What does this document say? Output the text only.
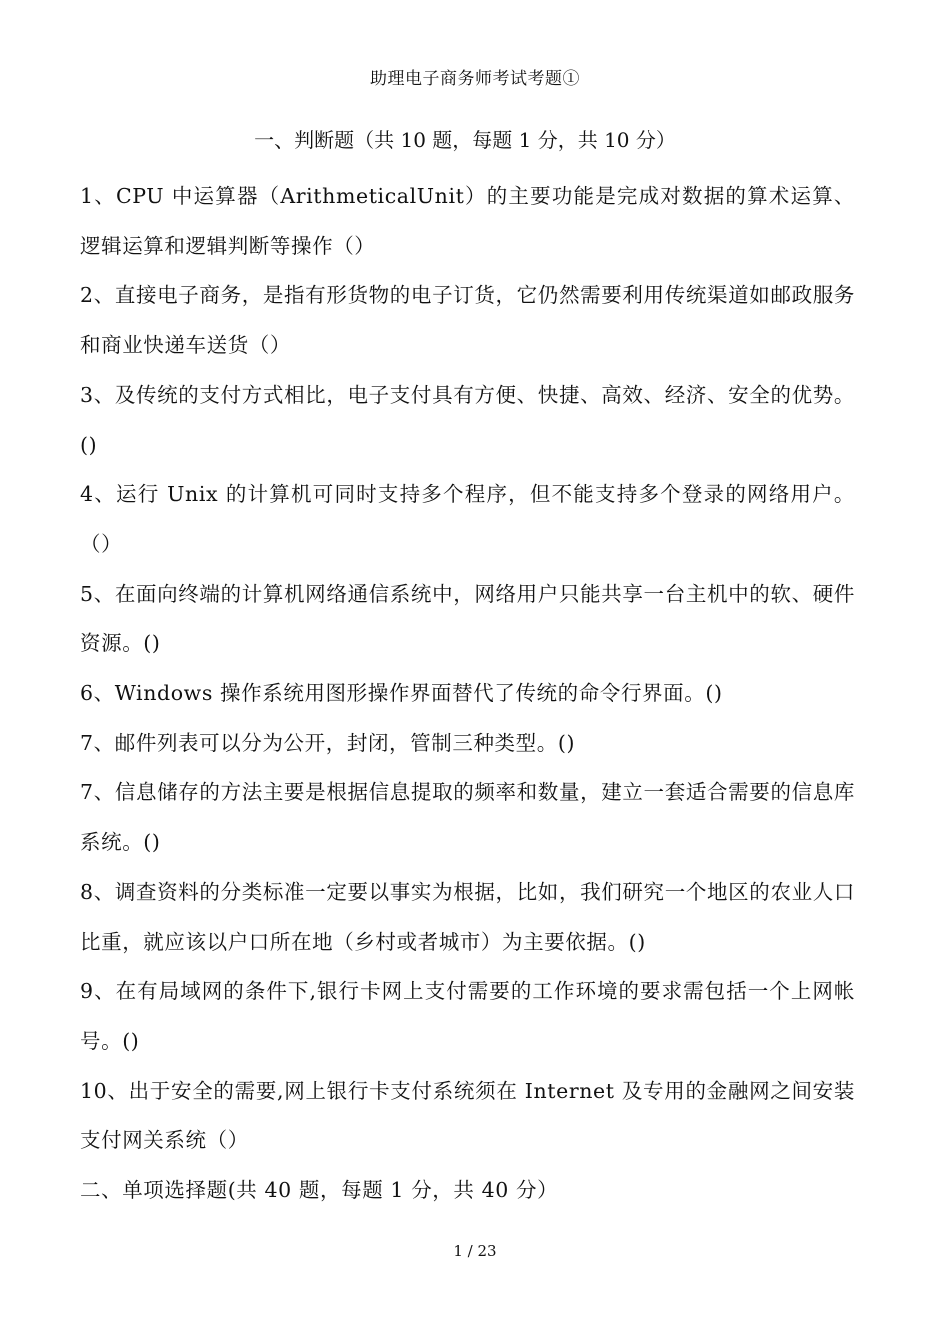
助理电子商务师考试考题①
一、判断题（共 10 题，每题 1 分，共 10 分）

1、CPU 中运算器（ArithmeticalUnit）的主要功能是完成对数据的算术运算、逻辑运算和逻辑判断等操作（）

2、直接电子商务，是指有形货物的电子订货，它仍然需要利用传统渠道如邮政服务和商业快递车送货（）

3、及传统的支付方式相比，电子支付具有方便、快捷、高效、经济、安全的优势。()

4、运行 Unix 的计算机可同时支持多个程序，但不能支持多个登录的网络用户。（）

5、在面向终端的计算机网络通信系统中，网络用户只能共享一台主机中的软、硬件资源。()

6、Windows 操作系统用图形操作界面替代了传统的命令行界面。()

7、邮件列表可以分为公开，封闭，管制三种类型。()

7、信息储存的方法主要是根据信息提取的频率和数量，建立一套适合需要的信息库系统。()

8、调查资料的分类标准一定要以事实为根据，比如，我们研究一个地区的农业人口比重，就应该以户口所在地（乡村或者城市）为主要依据。()

9、在有局域网的条件下,银行卡网上支付需要的工作环境的要求需包括一个上网帐号。()

10、出于安全的需要,网上银行卡支付系统须在 Internet 及专用的金融网之间安装支付网关系统（）

二、单项选择题(共 40 题，每题 1 分，共 40 分）

1 / 23
